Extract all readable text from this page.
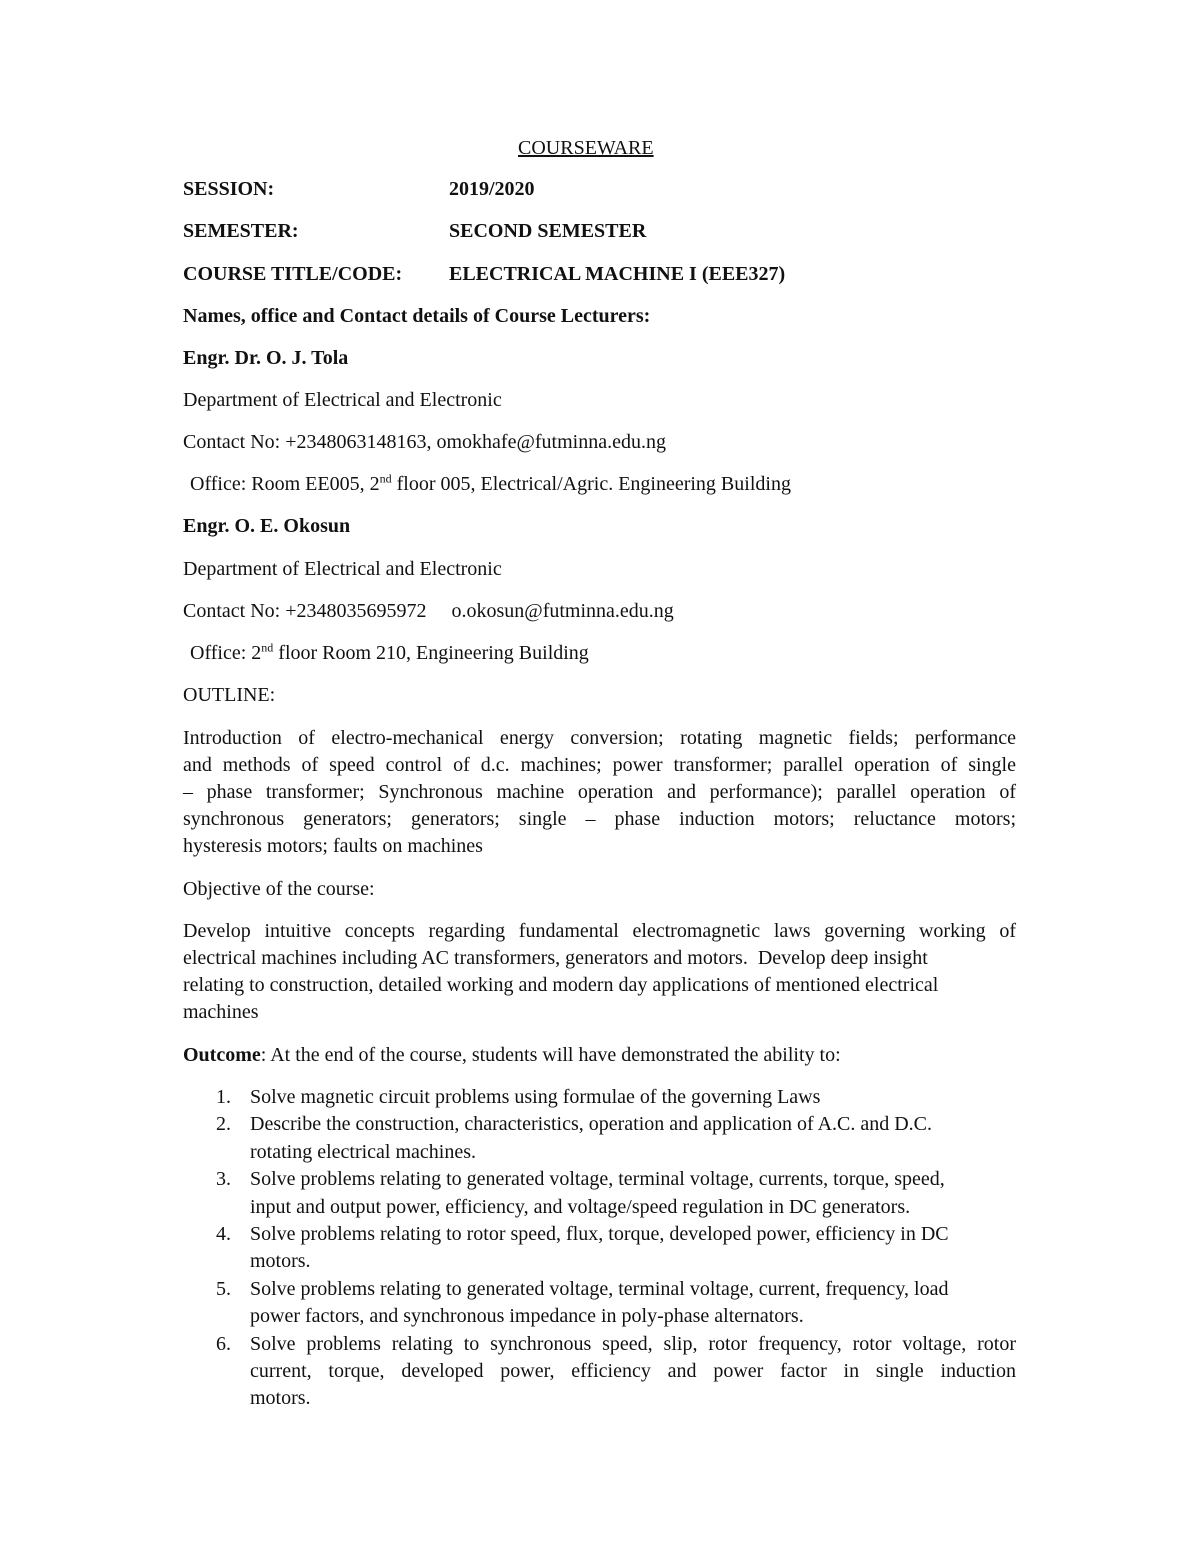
COURSEWARE
SESSION:	2019/2020
SEMESTER:	SECOND SEMESTER
COURSE TITLE/CODE: ELECTRICAL MACHINE I (EEE327)
Names, office and Contact details of Course Lecturers:
Engr. Dr. O. J. Tola
Department of Electrical and Electronic
Contact No: +2348063148163, omokhafe@futminna.edu.ng
Office: Room EE005, 2nd floor 005, Electrical/Agric. Engineering Building
Engr. O. E. Okosun
Department of Electrical and Electronic
Contact No: +2348035695972     o.okosun@futminna.edu.ng
Office: 2nd floor Room 210, Engineering Building
OUTLINE:
Introduction of electro-mechanical energy conversion; rotating magnetic fields; performance
and methods of speed control of d.c. machines; power transformer; parallel operation of single
– phase transformer; Synchronous machine operation and performance); parallel operation of
synchronous generators; generators; single – phase induction motors; reluctance motors;
hysteresis motors; faults on machines
Objective of the course:
Develop intuitive concepts regarding fundamental electromagnetic laws governing working of
electrical machines including AC transformers, generators and motors.  Develop deep insight
relating to construction, detailed working and modern day applications of mentioned electrical
machines
Outcome: At the end of the course, students will have demonstrated the ability to:
1. Solve magnetic circuit problems using formulae of the governing Laws
2. Describe the construction, characteristics, operation and application of A.C. and D.C.
rotating electrical machines.
3. Solve problems relating to generated voltage, terminal voltage, currents, torque, speed,
input and output power, efficiency, and voltage/speed regulation in DC generators.
4. Solve problems relating to rotor speed, flux, torque, developed power, efficiency in DC
motors.
5. Solve problems relating to generated voltage, terminal voltage, current, frequency, load
power factors, and synchronous impedance in poly-phase alternators.
6. Solve problems relating to synchronous speed, slip, rotor frequency, rotor voltage, rotor
current, torque, developed power, efficiency and power factor in single induction
motors.
